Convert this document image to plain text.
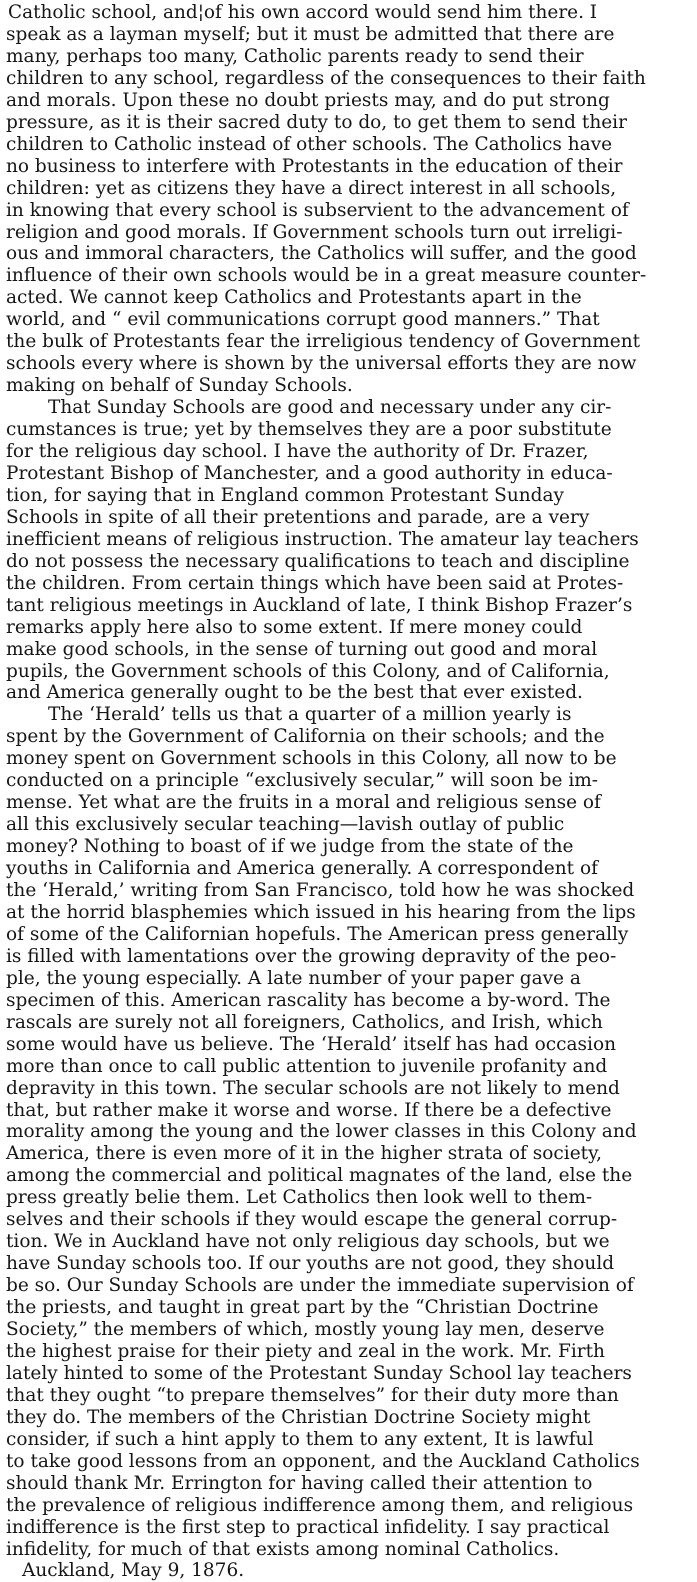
Catholic school, and¦of his own accord would send him there. I
speak as a layman myself; but it must be admitted that there are
many, perhaps too many, Catholic parents ready to send their
children to any school, regardless of the consequences to their faith
and morals. Upon these no doubt priests may, and do put strong
pressure, as it is their sacred duty to do, to get them to send their
children to Catholic instead of other schools. The Catholics have
no business to interfere with Protestants in the education of their
children: yet as citizens they have a direct interest in all schools,
in knowing that every school is subservient to the advancement of
religion and good morals. If Government schools turn out irreligi-
ous and immoral characters, the Catholics will suffer, and the good
influence of their own schools would be in a great measure counter-
acted. We cannot keep Catholics and Protestants apart in the
world, and “ evil communications corrupt good manners.” That
the bulk of Protestants fear the irreligious tendency of Government
schools every where is shown by the universal efforts they are now
making on behalf of Sunday Schools.
That Sunday Schools are good and necessary under any cir-
cumstances is true; yet by themselves they are a poor substitute
for the religious day school. I have the authority of Dr. Frazer,
Protestant Bishop of Manchester, and a good authority in educa-
tion, for saying that in England common Protestant Sunday
Schools in spite of all their pretentions and parade, are a very
inefficient means of religious instruction. The amateur lay teachers
do not possess the necessary qualifications to teach and discipline
the children. From certain things which have been said at Protes-
tant religious meetings in Auckland of late, I think Bishop Frazer’s
remarks apply here also to some extent. If mere money could
make good schools, in the sense of turning out good and moral
pupils, the Government schools of this Colony, and of California,
and America generally ought to be the best that ever existed.
The ‘Herald’ tells us that a quarter of a million yearly is
spent by the Government of California on their schools; and the
money spent on Government schools in this Colony, all now to be
conducted on a principle “exclusively secular,” will soon be im-
mense. Yet what are the fruits in a moral and religious sense of
all this exclusively secular teaching—lavish outlay of public
money? Nothing to boast of if we judge from the state of the
youths in California and America generally. A correspondent of
the ‘Herald,’ writing from San Francisco, told how he was shocked
at the horrid blasphemies which issued in his hearing from the lips
of some of the Californian hopefuls. The American press generally
is filled with lamentations over the growing depravity of the peo-
ple, the young especially. A late number of your paper gave a
specimen of this. American rascality has become a by-word. The
rascals are surely not all foreigners, Catholics, and Irish, which
some would have us believe. The ‘Herald’ itself has had occasion
more than once to call public attention to juvenile profanity and
depravity in this town. The secular schools are not likely to mend
that, but rather make it worse and worse. If there be a defective
morality among the young and the lower classes in this Colony and
America, there is even more of it in the higher strata of society,
among the commercial and political magnates of the land, else the
press greatly belie them. Let Catholics then look well to them-
selves and their schools if they would escape the general corrup-
tion. We in Auckland have not only religious day schools, but we
have Sunday schools too. If our youths are not good, they should
be so. Our Sunday Schools are under the immediate supervision of
the priests, and taught in great part by the “Christian Doctrine
Society,” the members of which, mostly young lay men, deserve
the highest praise for their piety and zeal in the work. Mr. Firth
lately hinted to some of the Protestant Sunday School lay teachers
that they ought “to prepare themselves” for their duty more than
they do. The members of the Christian Doctrine Society might
consider, if such a hint apply to them to any extent, It is lawful
to take good lessons from an opponent, and the Auckland Catholics
should thank Mr. Errington for having called their attention to
the prevalence of religious indifference among them, and religious
indifference is the first step to practical infidelity. I say practical
infidelity, for much of that exists among nominal Catholics.
Auckland, May 9, 1876.
